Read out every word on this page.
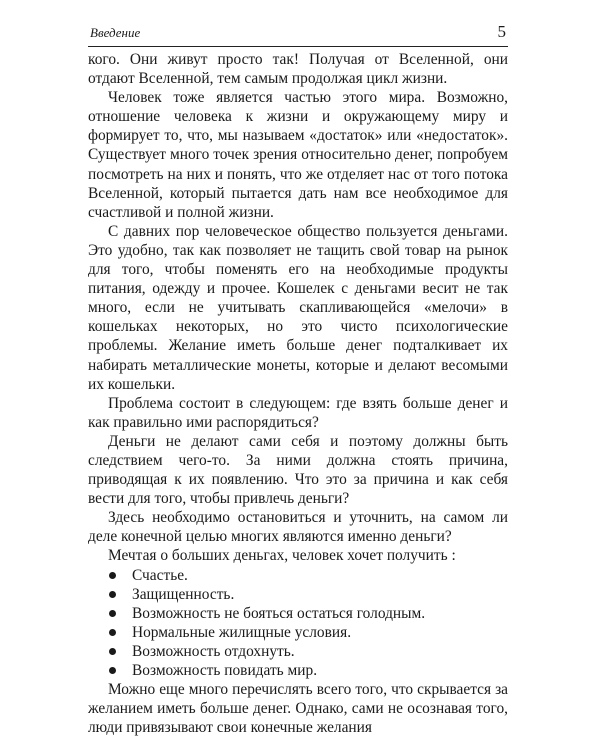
Введение	5

кого. Они живут просто так! Получая от Вселенной, они отдают Вселенной, тем самым продолжая цикл жизни.

Человек тоже является частью этого мира. Возможно, отношение человека к жизни и окружающему миру и формирует то, что, мы называем «достаток» или «недостаток». Существует много точек зрения относительно денег, попробуем посмотреть на них и понять, что же отделяет нас от того потока Вселенной, который пытается дать нам все необходимое для счастливой и полной жизни.

С давних пор человеческое общество пользуется деньгами. Это удобно, так как позволяет не тащить свой товар на рынок для того, чтобы поменять его на необходимые продукты питания, одежду и прочее. Кошелек с деньгами весит не так много, если не учитывать скапливающейся «мелочи» в кошельках некоторых, но это чисто психологические проблемы. Желание иметь больше денег подталкивает их набирать металлические монеты, которые и делают весомыми их кошельки.

Проблема состоит в следующем: где взять больше денег и как правильно ими распорядиться?

Деньги не делают сами себя и поэтому должны быть следствием чего-то. За ними должна стоять причина, приводящая к их появлению. Что это за причина и как себя вести для того, чтобы привлечь деньги?

Здесь необходимо остановиться и уточнить, на самом ли деле конечной целью многих являются именно деньги?

Мечтая о больших деньгах, человек хочет получить :

Счастье.
Защищенность.
Возможность не бояться остаться голодным.
Нормальные жилищные условия.
Возможность отдохнуть.
Возможность повидать мир.

Можно еще много перечислять всего того, что скрывается за желанием иметь больше денег. Однако, сами не осознавая того, люди привязывают свои конечные желания
